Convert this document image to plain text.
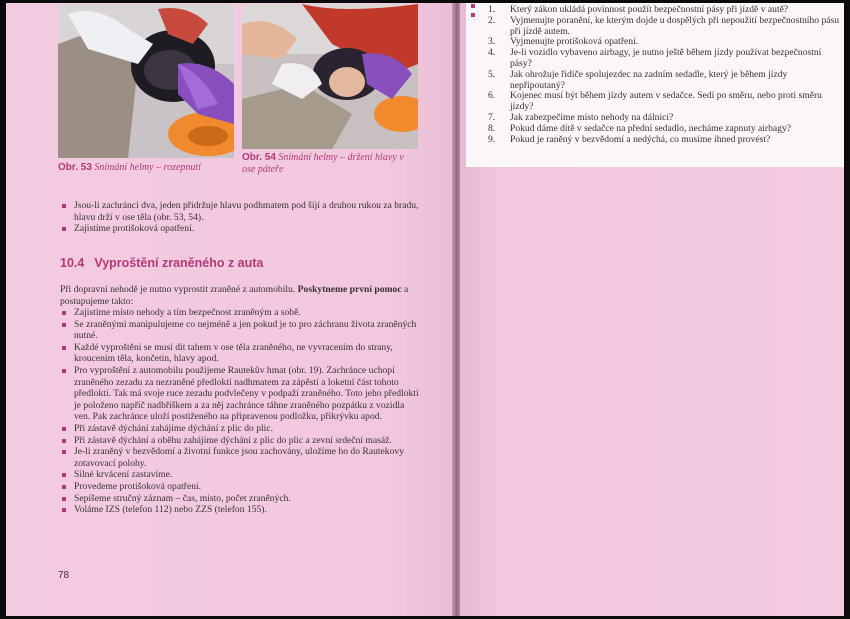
Obr. 53 Snímání helmy – rozepnutí
Obr. 54 Snímání helmy – držení hlavy v ose páteře
Jsou-li zachránci dva, jeden přidržuje hlavu podhmatem pod šíjí a druhou rukou za bradu, hlavu drží v ose těla (obr. 53, 54).
Zajistíme protišoková opatření.
10.4 Vyproštění zraněného z auta
Při dopravní nehodě je nutno vyprostit zraněné z automobilu. Poskytneme první pomoc a postupujeme takto:
Zajistíme místo nehody a tím bezpečnost zraněným a sobě.
Se zraněnými manipulujeme co nejméně a jen pokud je to pro záchranu života zraněných nutné.
Každé vyproštění se musí dít tahem v ose těla zraněného, ne vyvracením do strany, kroucením těla, končetin, hlavy apod.
Pro vyproštění z automobilu použijeme Rautekův hmat (obr. 19). Zachránce uchopí zraněného zezadu za nezraněné předloktí nadhmatem za zápěstí a loketní část tohoto předloktí. Tak má svoje ruce zezadu podvlečeny v podpaží zraněného. Toto jeho předloktí je položeno napříč nadbřiškem a za něj zachránce táhne zraněného pozpátku z vozidla ven. Pak zachránce uloží postiženého na připravenou podložku, přikrývku apod.
Při zástavě dýchání zahájíme dýchání z plic do plic.
Při zástavě dýchání a oběhu zahájíme dýchání z plic do plic a zevní srdeční masáž.
Je-li zraněný v bezvědomí a životní funkce jsou zachovány, uložíme ho do Rautekovy zotavovací polohy.
Silné krvácení zastavíme.
Provedeme protišoková opatření.
Sepíšeme stručný záznam – čas, místo, počet zraněných.
Voláme IZS (telefon 112) nebo ZZS (telefon 155).
78
1. Který zákon ukládá povinnost použít bezpečnostní pásy při jízdě v autě?
2. Vyjmenujte poranění, ke kterým dojde u dospělých při nepoužití bezpečnostního pásu při jízdě autem.
3. Vyjmenujte protišoková opatření.
4. Je-li vozidlo vybaveno airbagy, je nutno ještě během jízdy používat bezpečnostní pásy?
5. Jak ohrožuje řidiče spolujezdec na zadním sedadle, který je během jízdy nepřipoutaný?
6. Kojenec musí být během jízdy autem v sedačce. Sedí po směru, nebo proti směru jízdy?
7. Jak zabezpečíme místo nehody na dálnici?
8. Pokud dáme dítě v sedačce na přední sedadlo, necháme zapnuty airbagy?
9. Pokud je raněný v bezvědomí a nedýchá, co musíme ihned provést?
